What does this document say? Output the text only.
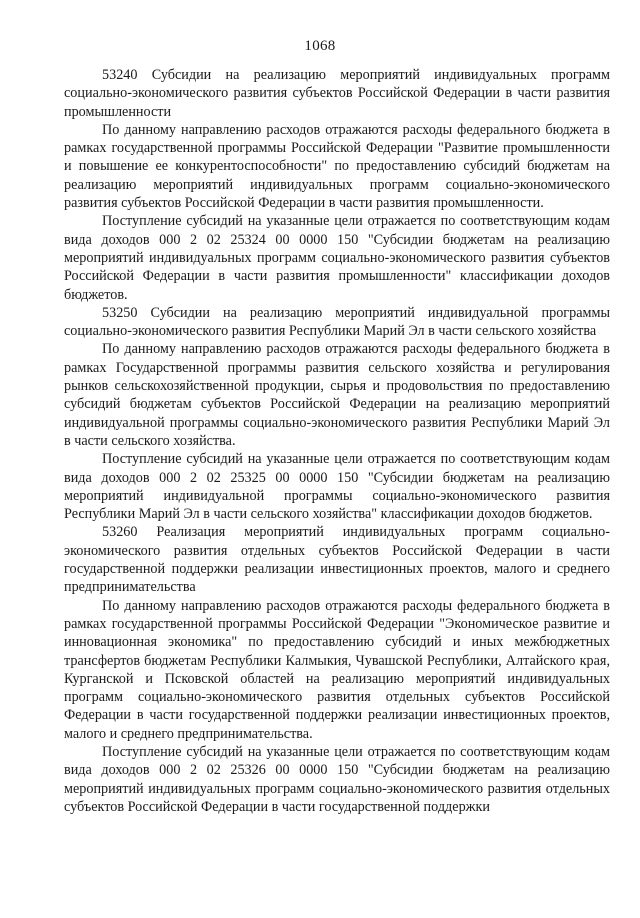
1068

53240 Субсидии на реализацию мероприятий индивидуальных программ социально-экономического развития субъектов Российской Федерации в части развития промышленности

По данному направлению расходов отражаются расходы федерального бюджета в рамках государственной программы Российской Федерации "Развитие промышленности и повышение ее конкурентоспособности" по предоставлению субсидий бюджетам на реализацию мероприятий индивидуальных программ социально-экономического развития субъектов Российской Федерации в части развития промышленности.

Поступление субсидий на указанные цели отражается по соответствующим кодам вида доходов 000 2 02 25324 00 0000 150 "Субсидии бюджетам на реализацию мероприятий индивидуальных программ социально-экономического развития субъектов Российской Федерации в части развития промышленности" классификации доходов бюджетов.

53250 Субсидии на реализацию мероприятий индивидуальной программы социально-экономического развития Республики Марий Эл в части сельского хозяйства

По данному направлению расходов отражаются расходы федерального бюджета в рамках Государственной программы развития сельского хозяйства и регулирования рынков сельскохозяйственной продукции, сырья и продовольствия по предоставлению субсидий бюджетам субъектов Российской Федерации на реализацию мероприятий индивидуальной программы социально-экономического развития Республики Марий Эл в части сельского хозяйства.

Поступление субсидий на указанные цели отражается по соответствующим кодам вида доходов 000 2 02 25325 00 0000 150 "Субсидии бюджетам на реализацию мероприятий индивидуальной программы социально-экономического развития Республики Марий Эл в части сельского хозяйства" классификации доходов бюджетов.

53260 Реализация мероприятий индивидуальных программ социально-экономического развития отдельных субъектов Российской Федерации в части государственной поддержки реализации инвестиционных проектов, малого и среднего предпринимательства

По данному направлению расходов отражаются расходы федерального бюджета в рамках государственной программы Российской Федерации "Экономическое развитие и инновационная экономика" по предоставлению субсидий и иных межбюджетных трансфертов бюджетам Республики Калмыкия, Чувашской Республики, Алтайского края, Курганской и Псковской областей на реализацию мероприятий индивидуальных программ социально-экономического развития отдельных субъектов Российской Федерации в части государственной поддержки реализации инвестиционных проектов, малого и среднего предпринимательства.

Поступление субсидий на указанные цели отражается по соответствующим кодам вида доходов 000 2 02 25326 00 0000 150 "Субсидии бюджетам на реализацию мероприятий индивидуальных программ социально-экономического развития отдельных субъектов Российской Федерации в части государственной поддержки
